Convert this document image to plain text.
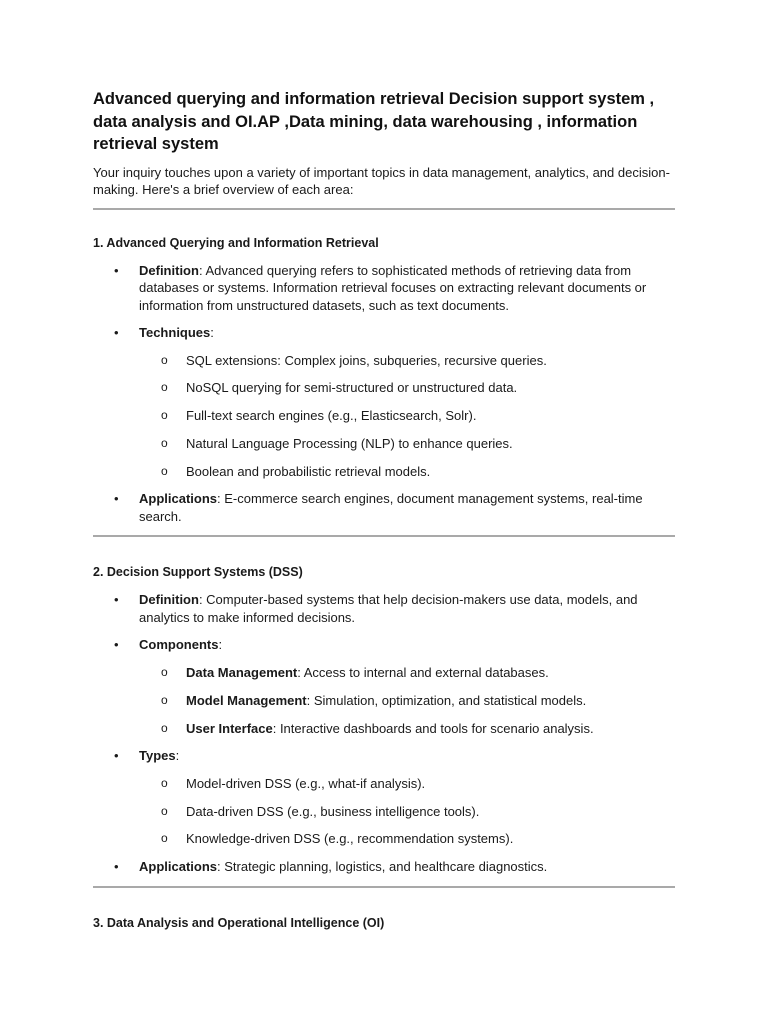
Advanced querying and information retrieval Decision support system , data analysis and OI.AP ,Data mining, data warehousing , information retrieval system

Your inquiry touches upon a variety of important topics in data management, analytics, and decision-making. Here's a brief overview of each area:

1. Advanced Querying and Information Retrieval
• Definition: Advanced querying refers to sophisticated methods of retrieving data from databases or systems. Information retrieval focuses on extracting relevant documents or information from unstructured datasets, such as text documents.
• Techniques:
o SQL extensions: Complex joins, subqueries, recursive queries.
o NoSQL querying for semi-structured or unstructured data.
o Full-text search engines (e.g., Elasticsearch, Solr).
o Natural Language Processing (NLP) to enhance queries.
o Boolean and probabilistic retrieval models.
• Applications: E-commerce search engines, document management systems, real-time search.
2. Decision Support Systems (DSS)
• Definition: Computer-based systems that help decision-makers use data, models, and analytics to make informed decisions.
• Components:
o Data Management: Access to internal and external databases.
o Model Management: Simulation, optimization, and statistical models.
o User Interface: Interactive dashboards and tools for scenario analysis.
• Types:
o Model-driven DSS (e.g., what-if analysis).
o Data-driven DSS (e.g., business intelligence tools).
o Knowledge-driven DSS (e.g., recommendation systems).
• Applications: Strategic planning, logistics, and healthcare diagnostics.
3. Data Analysis and Operational Intelligence (OI)
